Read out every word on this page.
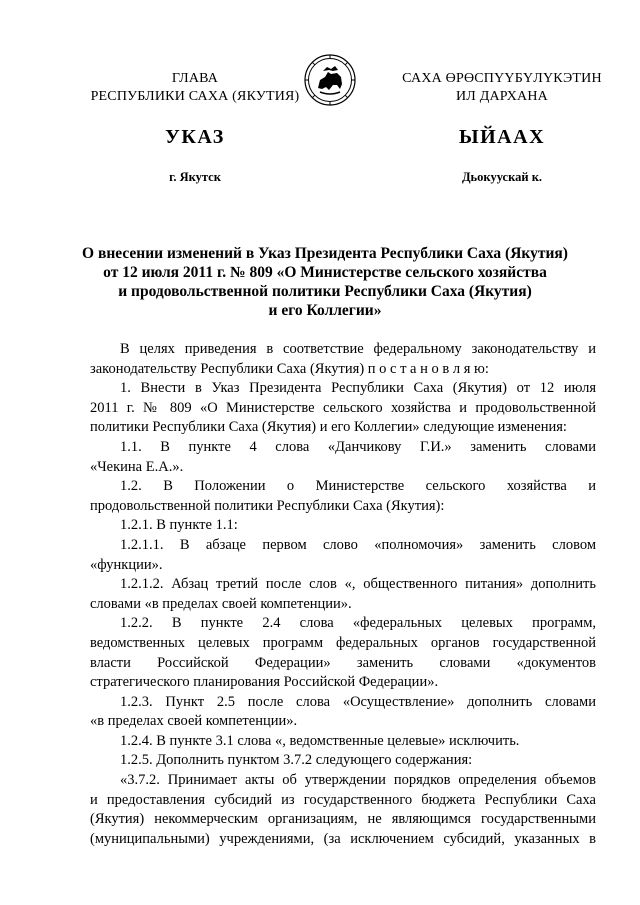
ГЛАВА
РЕСПУБЛИКИ САХА (ЯКУТИЯ)
САХА ӨРӨСПҮҮБҮЛҮКЭТИН
ИЛ ДАРХАНА
УКАЗ	ЫЙААХ
г. Якутск	Дьокуускай к.
О внесении изменений в Указ Президента Республики Саха (Якутия)
от 12 июля 2011 г. № 809 «О Министерстве сельского хозяйства
и продовольственной политики Республики Саха (Якутия)
и его Коллегии»
В целях приведения в соответствие федеральному законодательству и
законодательству Республики Саха (Якутия) п о с т а н о в л я ю:
1. Внести в Указ Президента Республики Саха (Якутия) от 12 июля
2011 г. № 809 «О Министерстве сельского хозяйства и продовольственной
политики Республики Саха (Якутия) и его Коллегии» следующие изменения:
1.1. В пункте 4 слова «Данчикову Г.И.» заменить словами
«Чекина Е.А.».
1.2. В Положении о Министерстве сельского хозяйства и
продовольственной политики Республики Саха (Якутия):
1.2.1. В пункте 1.1:
1.2.1.1. В абзаце первом слово «полномочия» заменить словом
«функции».
1.2.1.2. Абзац третий после слов «, общественного питания» дополнить
словами «в пределах своей компетенции».
1.2.2. В пункте 2.4 слова «федеральных целевых программ,
ведомственных целевых программ федеральных органов государственной
власти Российской Федерации» заменить словами «документов
стратегического планирования Российской Федерации».
1.2.3. Пункт 2.5 после слова «Осуществление» дополнить словами
«в пределах своей компетенции».
1.2.4. В пункте 3.1 слова «, ведомственные целевые» исключить.
1.2.5. Дополнить пунктом 3.7.2 следующего содержания:
«3.7.2. Принимает акты об утверждении порядков определения объемов
и предоставления субсидий из государственного бюджета Республики Саха
(Якутия) некоммерческим организациям, не являющимся государственными
(муниципальными) учреждениями, (за исключением субсидий, указанных в
